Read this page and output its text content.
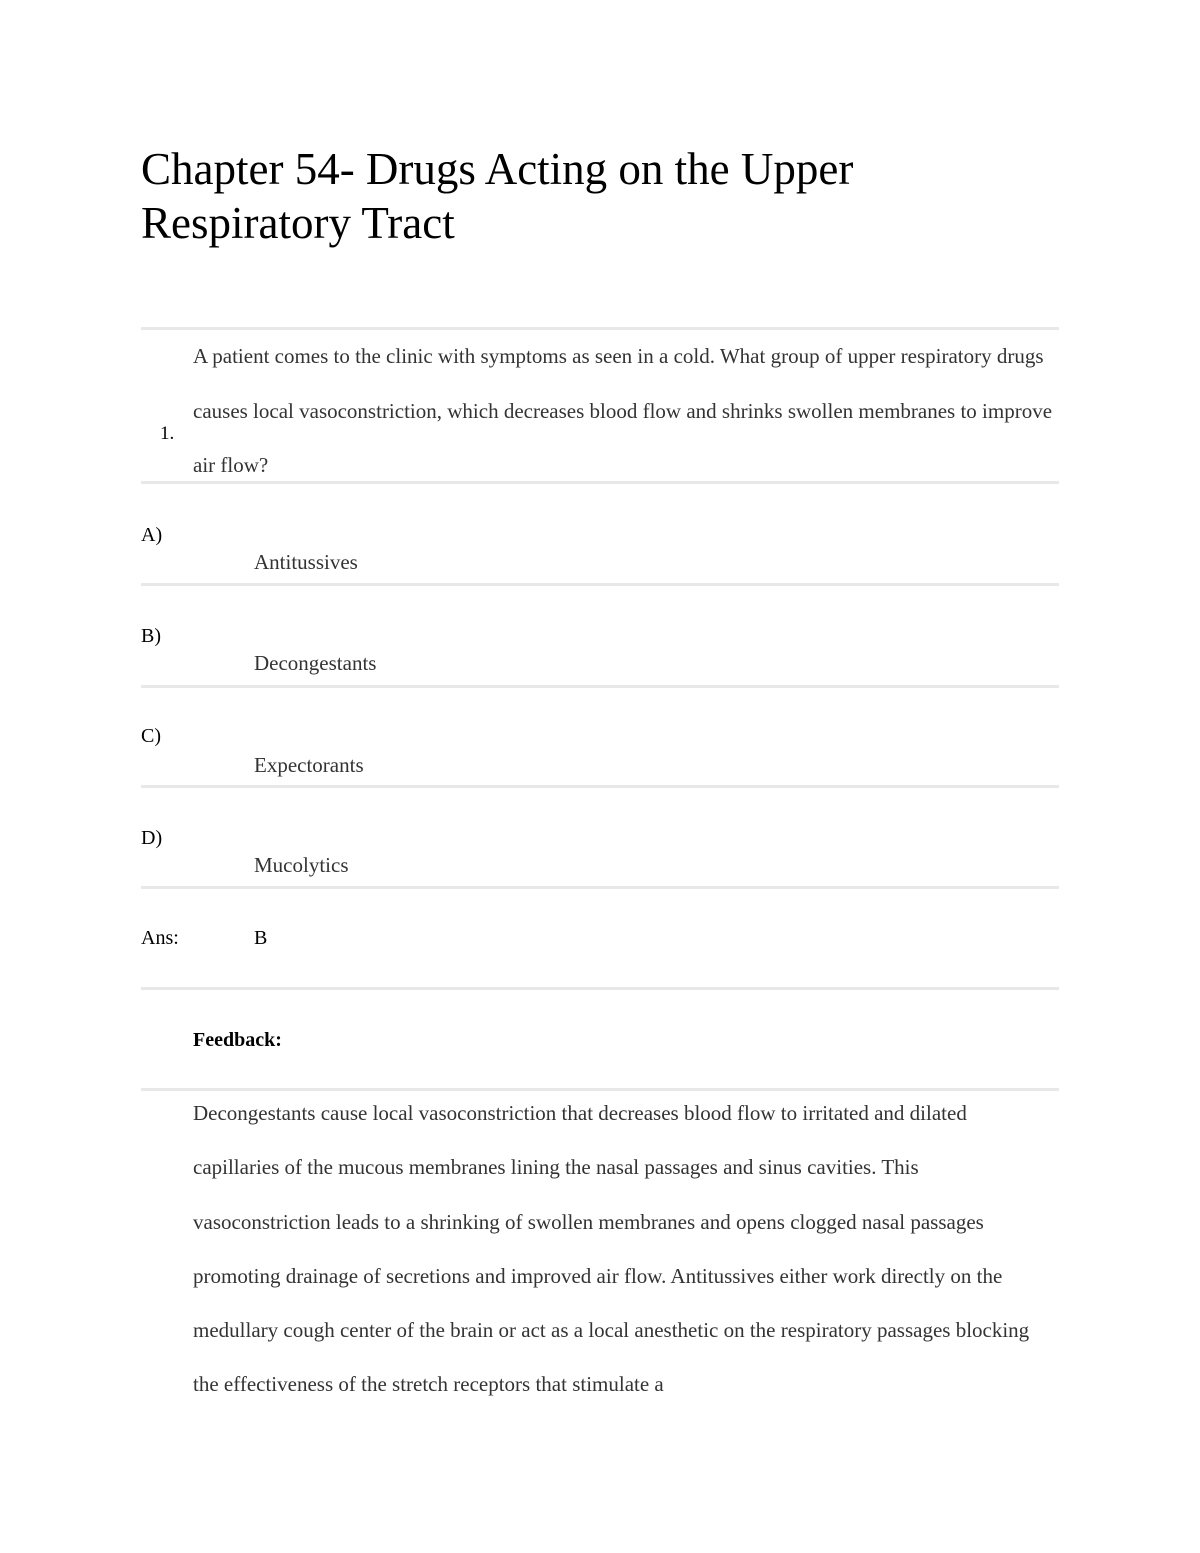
Chapter 54- Drugs Acting on the Upper Respiratory Tract
1.
A patient comes to the clinic with symptoms as seen in a cold. What group of upper respiratory drugs causes local vasoconstriction, which decreases blood flow and shrinks swollen membranes to improve air flow?
A)
Antitussives
B)
Decongestants
C)
Expectorants
D)
Mucolytics
Ans:	B
Feedback:
Decongestants cause local vasoconstriction that decreases blood flow to irritated and dilated capillaries of the mucous membranes lining the nasal passages and sinus cavities. This vasoconstriction leads to a shrinking of swollen membranes and opens clogged nasal passages promoting drainage of secretions and improved air flow. Antitussives either work directly on the medullary cough center of the brain or act as a local anesthetic on the respiratory passages blocking the effectiveness of the stretch receptors that stimulate a
